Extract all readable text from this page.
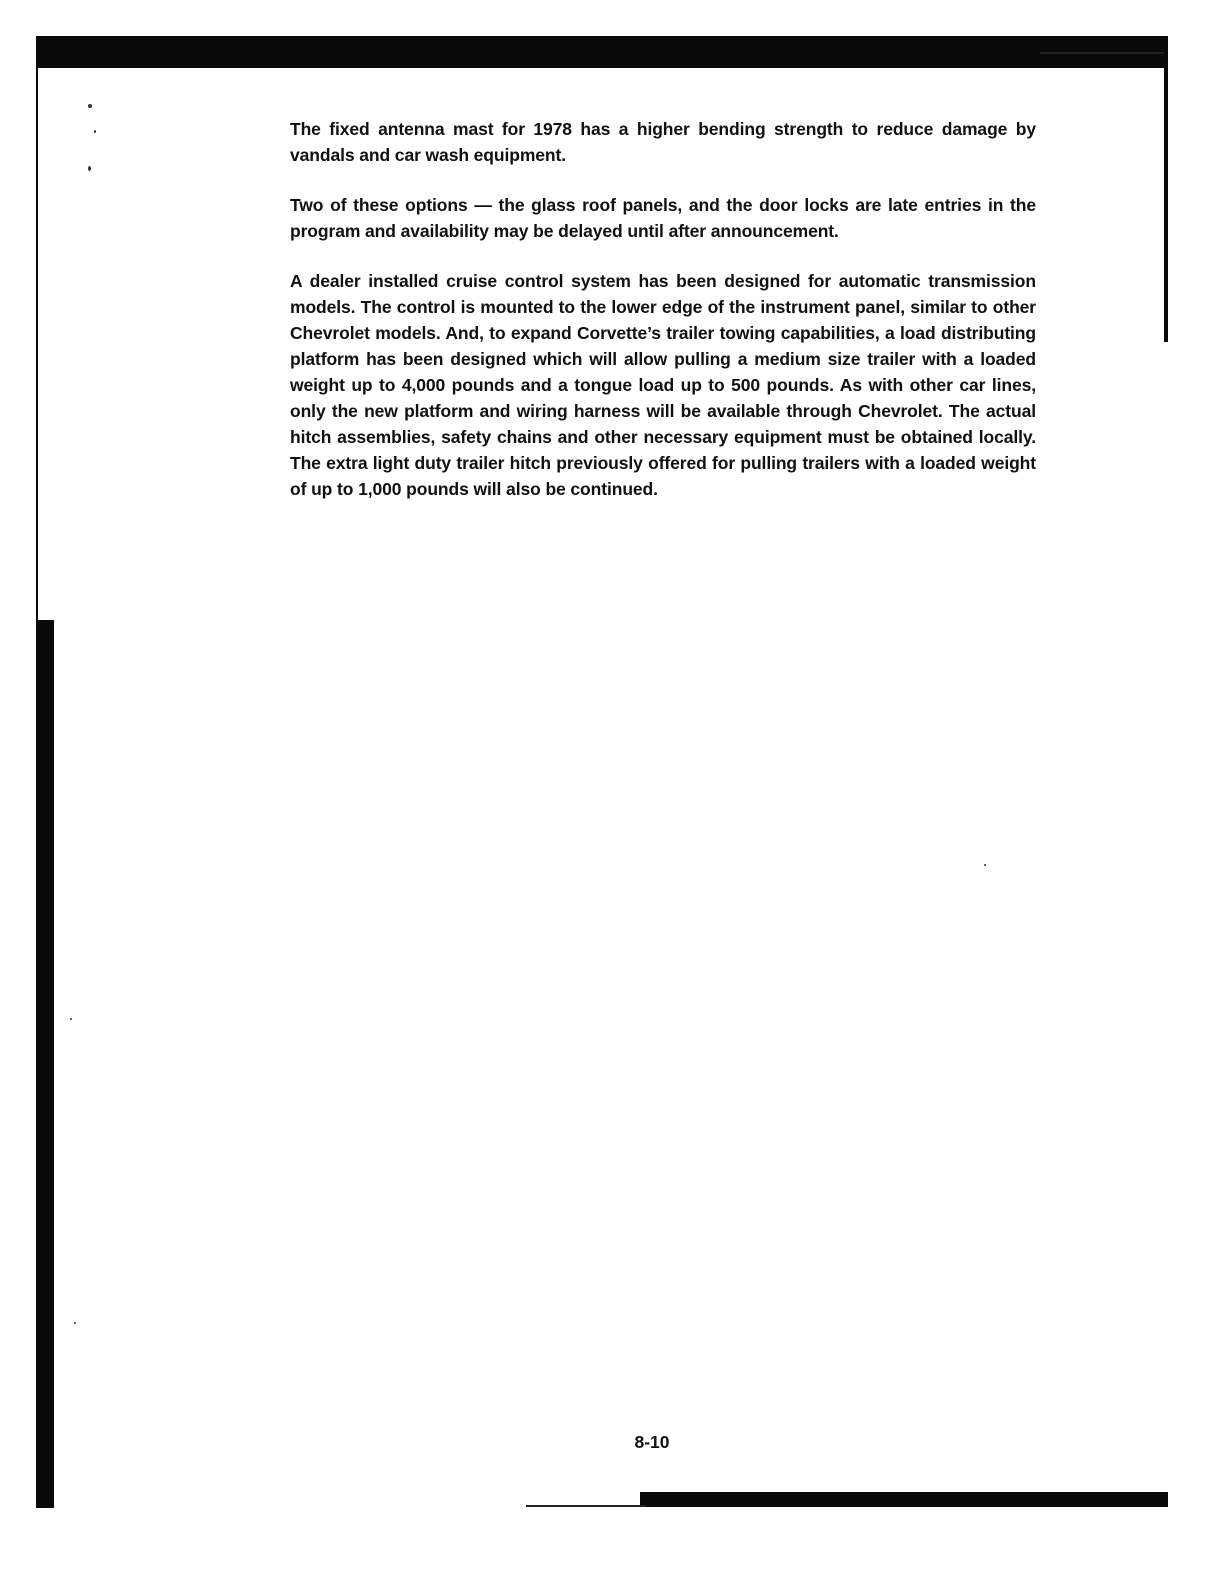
The fixed antenna mast for 1978 has a higher bending strength to reduce damage by vandals and car wash equipment.

Two of these options — the glass roof panels, and the door locks are late entries in the program and availability may be delayed until after announcement.

A dealer installed cruise control system has been designed for automatic transmission models. The control is mounted to the lower edge of the instrument panel, similar to other Chevrolet models. And, to expand Corvette’s trailer towing capabilities, a load distributing platform has been designed which will allow pulling a medium size trailer with a loaded weight up to 4,000 pounds and a tongue load up to 500 pounds. As with other car lines, only the new platform and wiring harness will be available through Chevrolet. The actual hitch assemblies, safety chains and other necessary equipment must be obtained locally. The extra light duty trailer hitch previously offered for pulling trailers with a loaded weight of up to 1,000 pounds will also be continued.

8-10
